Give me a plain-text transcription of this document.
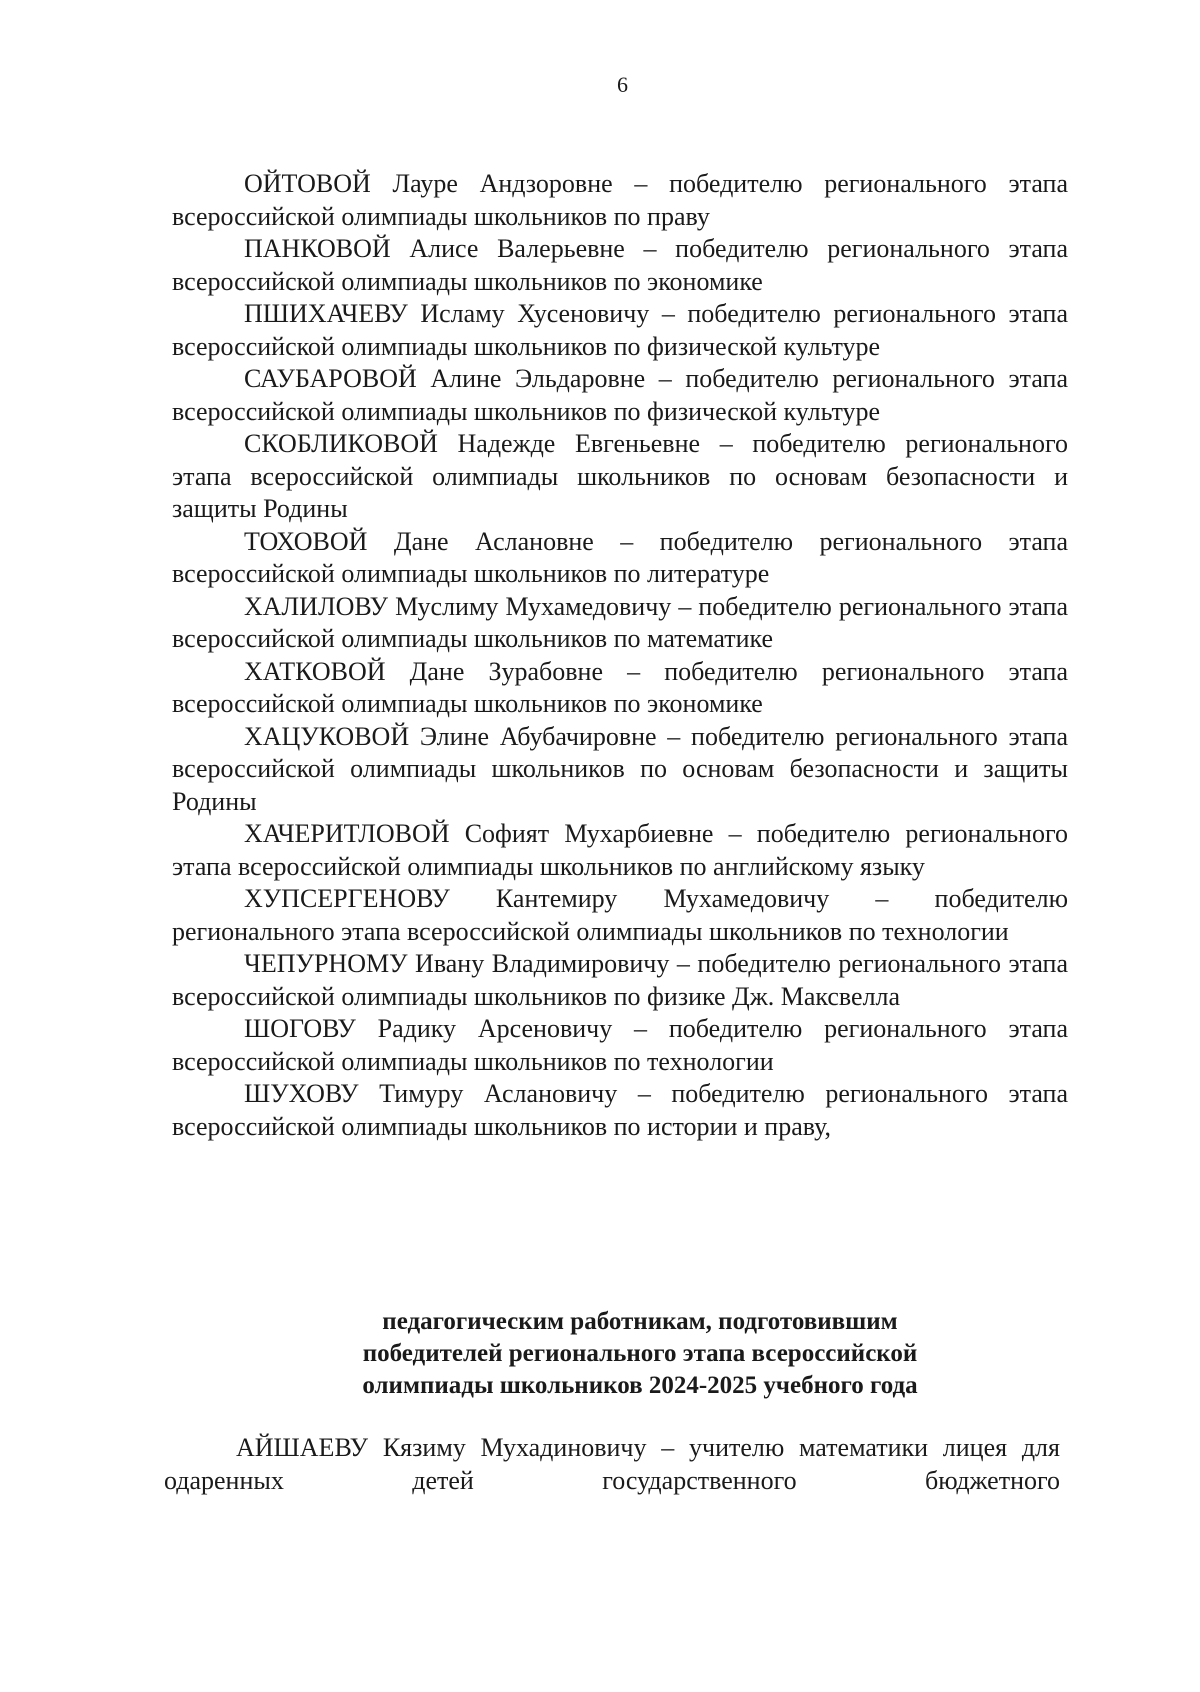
6

ОЙТОВОЙ Лауре Андзоровне – победителю регионального этапа всероссийской олимпиады школьников по праву

ПАНКОВОЙ Алисе Валерьевне – победителю регионального этапа всероссийской олимпиады школьников по экономике

ПШИХАЧЕВУ Исламу Хусеновичу – победителю регионального этапа всероссийской олимпиады школьников по физической культуре

САУБАРОВОЙ Алине Эльдаровне – победителю регионального этапа всероссийской олимпиады школьников по физической культуре

СКОБЛИКОВОЙ Надежде Евгеньевне – победителю регионального этапа всероссийской олимпиады школьников по основам безопасности и защиты Родины

ТОХОВОЙ Дане Аслановне – победителю регионального этапа всероссийской олимпиады школьников по литературе

ХАЛИЛОВУ Муслиму Мухамедовичу – победителю регионального этапа всероссийской олимпиады школьников по математике

ХАТКОВОЙ Дане Зурабовне – победителю регионального этапа всероссийской олимпиады школьников по экономике

ХАЦУКОВОЙ Элине Абубачировне – победителю регионального этапа всероссийской олимпиады школьников по основам безопасности и защиты Родины

ХАЧЕРИТЛОВОЙ Софият Мухарбиевне – победителю регионального этапа всероссийской олимпиады школьников по английскому языку

ХУПСЕРГЕНОВУ Кантемиру Мухамедовичу – победителю регионального этапа всероссийской олимпиады школьников по технологии

ЧЕПУРНОМУ Ивану Владимировичу – победителю регионального этапа всероссийской олимпиады школьников по физике Дж. Максвелла

ШОГОВУ Радику Арсеновичу – победителю регионального этапа всероссийской олимпиады школьников по технологии

ШУХОВУ Тимуру Аслановичу – победителю регионального этапа всероссийской олимпиады школьников по истории и праву,

педагогическим работникам, подготовившим
победителей регионального этапа всероссийской
олимпиады школьников 2024-2025 учебного года

АЙШАЕВУ Кязиму Мухадиновичу – учителю математики лицея для одаренных детей государственного бюджетного
